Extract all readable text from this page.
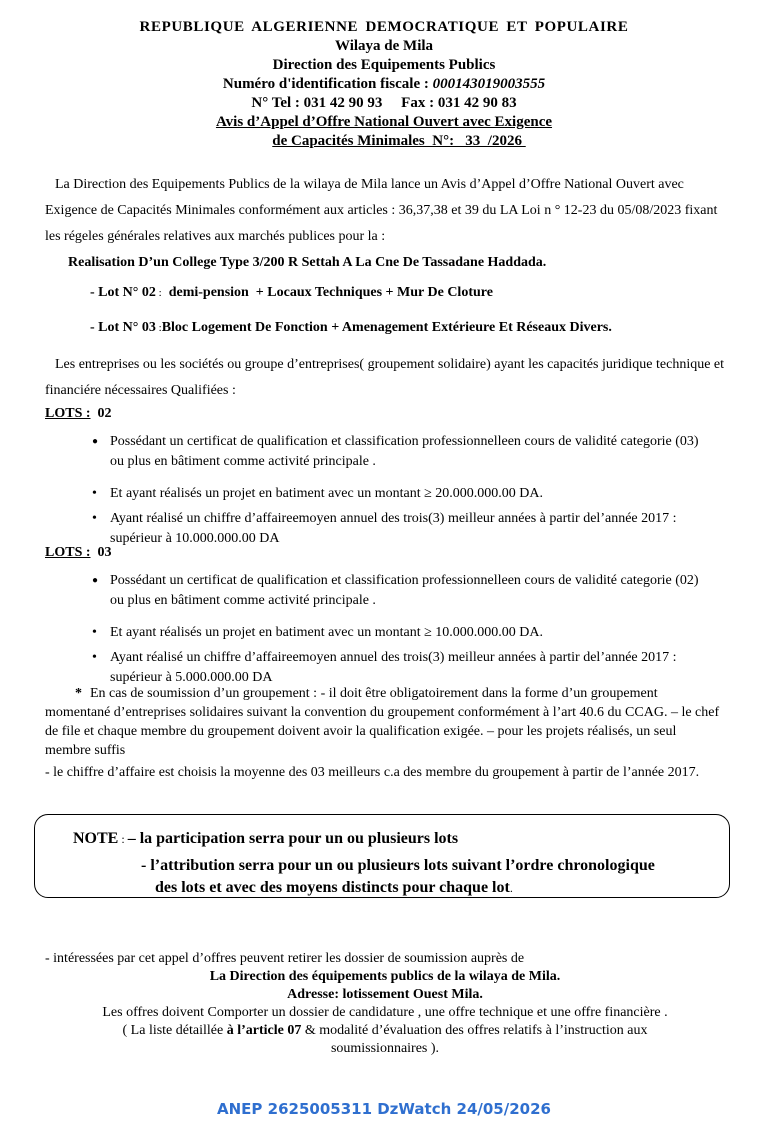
REPUBLIQUE ALGERIENNE DEMOCRATIQUE ET POPULAIRE
Wilaya de Mila
Direction des Equipements Publics
Numéro d'identification fiscale : 000143019003555
N° Tel : 031 42 90 93     Fax : 031 42 90 83
Avis d’Appel d’Offre National Ouvert avec Exigence
de Capacités Minimales  N°:   33  /2026
La Direction des Equipements Publics de la wilaya de Mila lance un Avis d’Appel d’Offre National Ouvert avec Exigence de Capacités Minimales conformément aux articles : 36,37,38 et 39 du LA Loi n ° 12-23 du 05/08/2023 fixant les régeles générales relatives aux marchés publices pour la :
Realisation D’un College Type 3/200 R Settah A La Cne De Tassadane Haddada.
- Lot N° 02 :  demi-pension  + Locaux Techniques + Mur De Cloture
- Lot N° 03 :Bloc Logement De Fonction + Amenagement Extérieure Et Réseaux Divers.
Les entreprises ou les sociétés ou groupe d’entreprises( groupement solidaire) ayant les capacités juridique technique et financiére nécessaires Qualifiées :
LOTS : 02
● Possédant un certificat de qualification et classification professionnelleen cours de validité categorie (03) ou plus en bâtiment comme activité principale .
• Et ayant réalisés un projet en batiment avec un montant ≥ 20.000.000.00 DA.
• Ayant réalisé un chiffre d’affaireemoyen annuel des trois(3) meilleur années à partir del’année 2017 : supérieur à 10.000.000.00 DA
LOTS : 03
● Possédant un certificat de qualification et classification professionnelleen cours de validité categorie (02) ou plus en bâtiment comme activité principale .
• Et ayant réalisés un projet en batiment avec un montant ≥ 10.000.000.00 DA.
• Ayant réalisé un chiffre d’affaireemoyen annuel des trois(3) meilleur années à partir del’année 2017 : supérieur à 5.000.000.00 DA
* En cas de soumission d’un groupement : - il doit être obligatoirement dans la forme d’un groupement momentané d’entreprises solidaires suivant la convention du groupement conformément à l’art 40.6 du CCAG. – le chef de file et chaque membre du groupement doivent avoir la qualification exigée. – pour les projets réalisés, un seul membre suffis
- le chiffre d’affaire est choisis la moyenne des 03 meilleurs c.a des membre du groupement à partir de l’année 2017.
NOTE : – la participation serra pour un ou plusieurs lots
- l’attribution serra pour un ou plusieurs lots suivant l’ordre chronologique
des lots et avec des moyens distincts pour chaque lot.
- intéressées par cet appel d’offres peuvent retirer les dossier de soumission auprès de
La Direction des équipements publics de la wilaya de Mila.
Adresse: lotissement Ouest Mila.
Les offres doivent Comporter un dossier de candidature , une offre technique et une offre financière .
( La liste détaillée à l’article 07 & modalité d’évaluation des offres relatifs à l’instruction aux soumissionnaires ).
ANEP 2625005311 DzWatch 24/05/2026
